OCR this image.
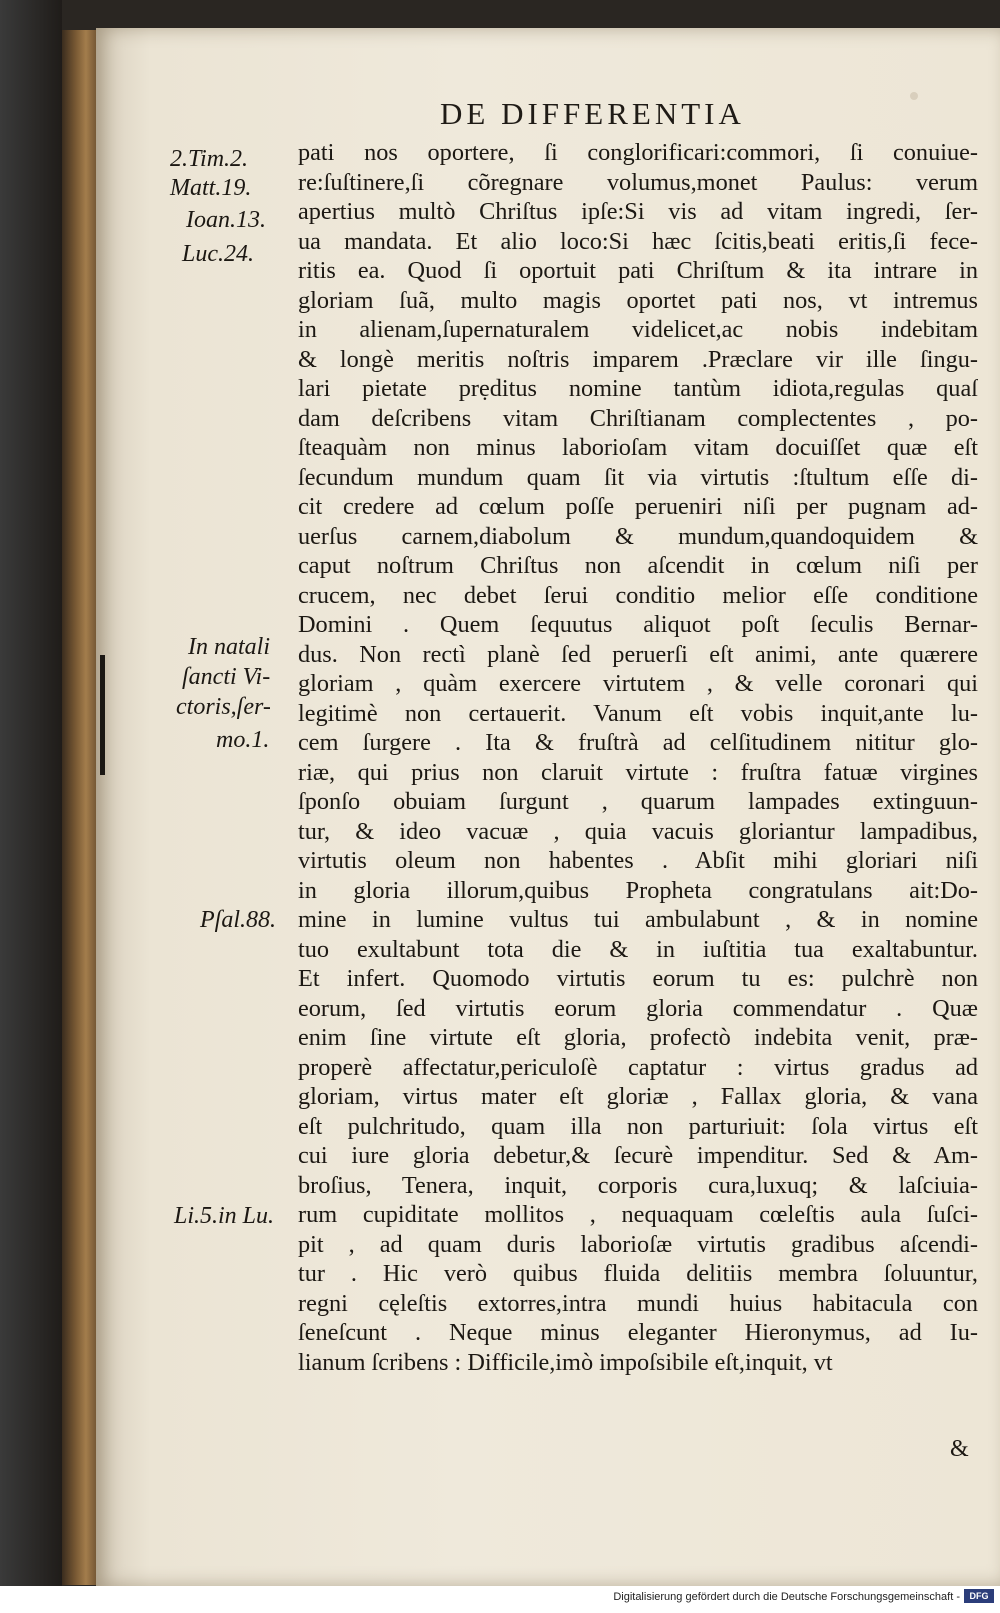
DE DIFFERENTIA
2.Tim.2.
Matt.19.
Ioan.13.
Luc.24.
In natali
ſancti Vi-
ctoris,ſer-
mo.1.
Pſal.88.
Li.5.in Lu.
pati nos oportere, ſi conglorificari:commori, ſi conuiue-
re:ſuſtinere,ſi cõregnare volumus,monet Paulus: verum
apertius multò Chriſtus ipſe:Si vis ad vitam ingredi, ſer-
ua mandata. Et alio loco:Si hæc ſcitis,beati eritis,ſi fece-
ritis ea. Quod ſi oportuit pati Chriſtum & ita intrare in
gloriam ſuã, multo magis oportet pati nos, vt intremus
in alienam,ſupernaturalem videlicet,ac nobis indebitam
& longè meritis noſtris imparem .Præclare vir ille ſingu-
lari pietate prẹditus nomine tantùm idiota,regulas quaſ
dam deſcribens vitam Chriſtianam complectentes , po-
ſteaquàm non minus laborioſam vitam docuiſſet quæ eſt
ſecundum mundum quam ſit via virtutis :ſtultum eſſe di-
cit credere ad cœlum poſſe perueniri niſi per pugnam ad-
uerſus carnem,diabolum & mundum,quandoquidem &
caput noſtrum Chriſtus non aſcendit in cœlum niſi per
crucem, nec debet ſerui conditio melior eſſe conditione
Domini . Quem ſequutus aliquot poſt ſeculis Bernar-
dus. Non rectì planè ſed peruerſi eſt animi, ante quærere
gloriam , quàm exercere virtutem , & velle coronari qui
legitimè non certauerit. Vanum eſt vobis inquit,ante lu-
cem ſurgere . Ita & fruſtrà ad celſitudinem nititur glo-
riæ, qui prius non claruit virtute : fruſtra fatuæ virgines
ſponſo obuiam ſurgunt , quarum lampades extinguun-
tur, & ideo vacuæ , quia vacuis gloriantur lampadibus,
virtutis oleum non habentes . Abſit mihi gloriari niſi
in gloria illorum,quibus Propheta congratulans ait:Do-
mine in lumine vultus tui ambulabunt , & in nomine
tuo exultabunt tota die & in iuſtitia tua exaltabuntur.
Et infert. Quomodo virtutis eorum tu es: pulchrè non
eorum, ſed virtutis eorum gloria commendatur . Quæ
enim ſine virtute eſt gloria, profectò indebita venit, præ-
properè affectatur,periculoſè captatur : virtus gradus ad
gloriam, virtus mater eſt gloriæ , Fallax gloria, & vana
eſt pulchritudo, quam illa non parturiuit: ſola virtus eſt
cui iure gloria debetur,& ſecurè impenditur. Sed & Am-
broſius, Tenera, inquit, corporis cura,luxuq; & laſciuia-
rum cupiditate mollitos , nequaquam cœleſtis aula ſuſci-
pit , ad quam duris laborioſæ virtutis gradibus aſcendi-
tur . Hic verò quibus fluida delitiis membra ſoluuntur,
regni cęleſtis extorres,intra mundi huius habitacula con
ſeneſcunt . Neque minus eleganter Hieronymus, ad Iu-
lianum ſcribens : Difficile,imò impoſsibile eſt,inquit, vt
&
Digitalisierung gefördert durch die Deutsche Forschungsgemeinschaft -	DFG
